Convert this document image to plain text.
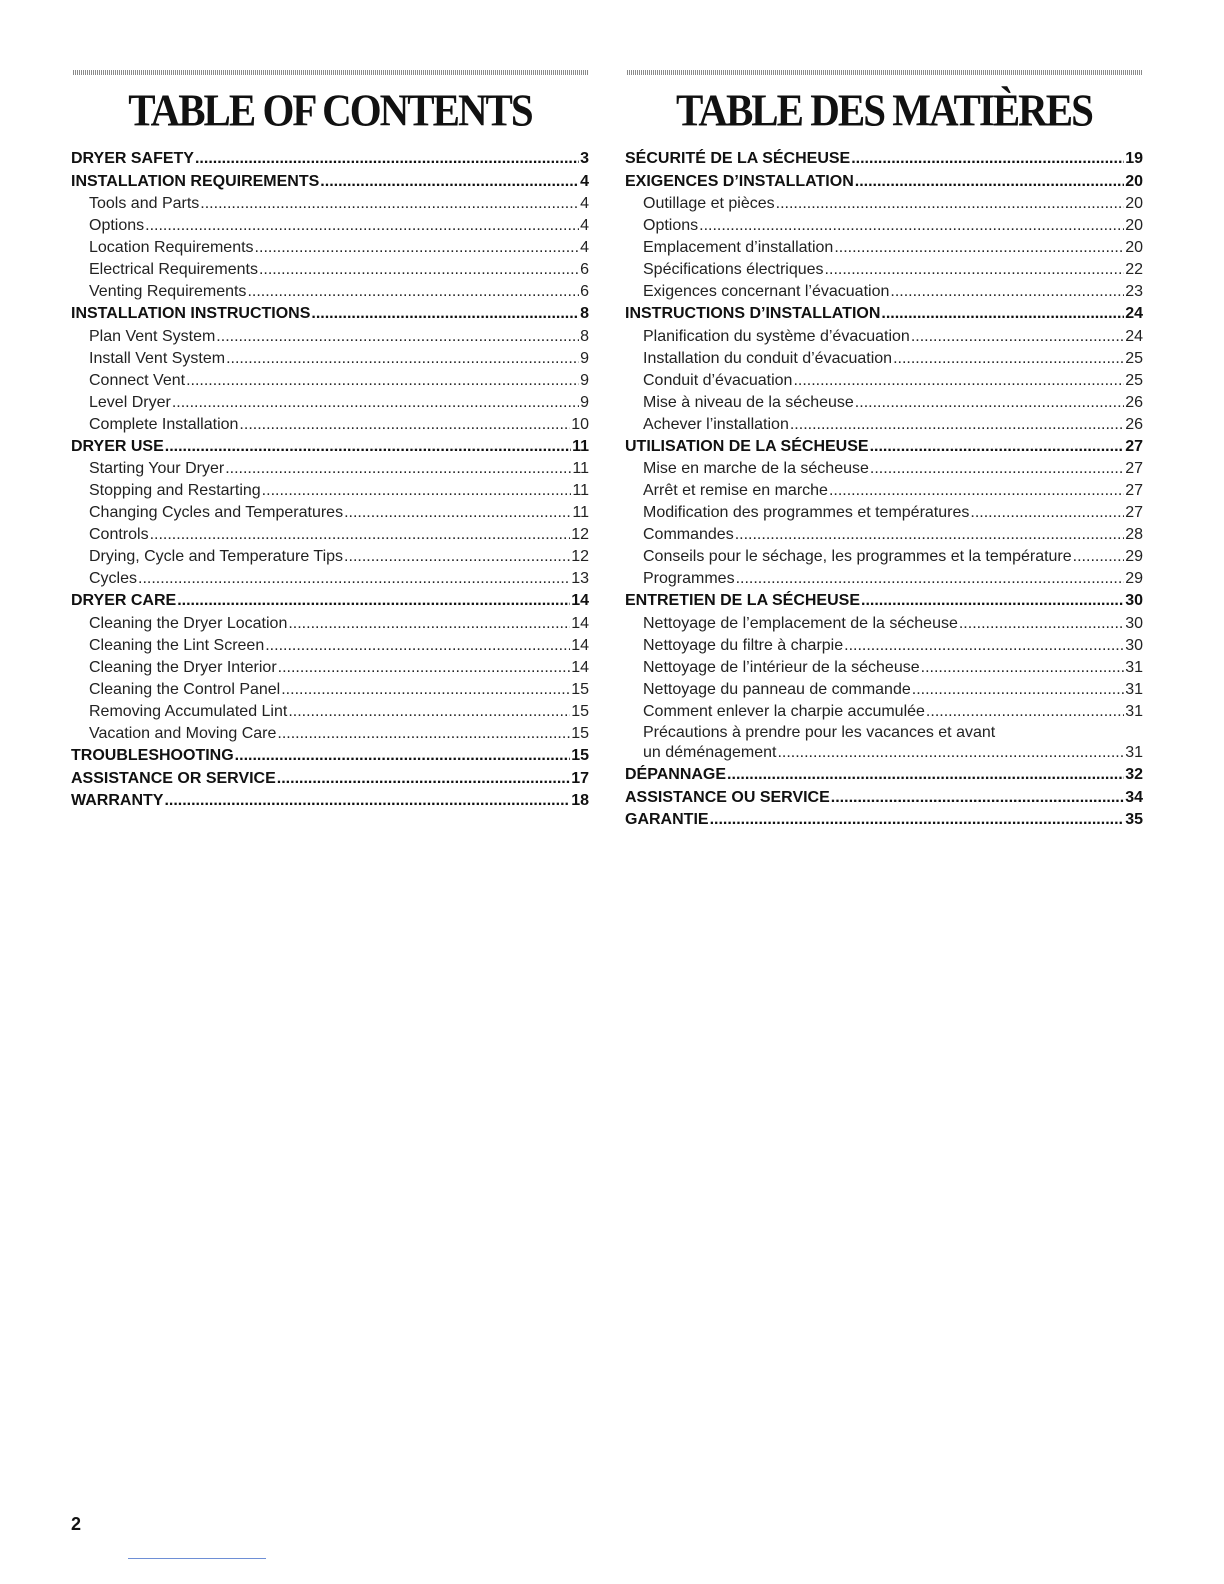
TABLE OF CONTENTS
DRYER SAFETY .....	3
INSTALLATION REQUIREMENTS .....	4
Tools and Parts .....	4
Options .....	4
Location Requirements .....	4
Electrical Requirements .....	6
Venting Requirements .....	6
INSTALLATION INSTRUCTIONS .....	8
Plan Vent System .....	8
Install Vent System .....	9
Connect Vent .....	9
Level Dryer .....	9
Complete Installation .....	10
DRYER USE .....	11
Starting Your Dryer .....	11
Stopping and Restarting .....	11
Changing Cycles and Temperatures .....	11
Controls .....	12
Drying, Cycle and Temperature Tips .....	12
Cycles .....	13
DRYER CARE .....	14
Cleaning the Dryer Location .....	14
Cleaning the Lint Screen .....	14
Cleaning the Dryer Interior .....	14
Cleaning the Control Panel .....	15
Removing Accumulated Lint .....	15
Vacation and Moving Care .....	15
TROUBLESHOOTING .....	15
ASSISTANCE OR SERVICE .....	17
WARRANTY .....	18
TABLE DES MATIÈRES
SÉCURITÉ DE LA SÉCHEUSE .....	19
EXIGENCES D’INSTALLATION .....	20
Outillage et pièces .....	20
Options .....	20
Emplacement d’installation .....	20
Spécifications électriques .....	22
Exigences concernant l’évacuation .....	23
INSTRUCTIONS D’INSTALLATION .....	24
Planification du système d’évacuation .....	24
Installation du conduit d’évacuation .....	25
Conduit d’évacuation .....	25
Mise à niveau de la sécheuse .....	26
Achever l’installation .....	26
UTILISATION DE LA SÉCHEUSE .....	27
Mise en marche de la sécheuse .....	27
Arrêt et remise en marche .....	27
Modification des programmes et températures .....	27
Commandes .....	28
Conseils pour le séchage, les programmes et la température .....	29
Programmes .....	29
ENTRETIEN DE LA SÉCHEUSE .....	30
Nettoyage de l’emplacement de la sécheuse .....	30
Nettoyage du filtre à charpie .....	30
Nettoyage de l’intérieur de la sécheuse .....	31
Nettoyage du panneau de commande .....	31
Comment enlever la charpie accumulée .....	31
Précautions à prendre pour les vacances et avant
un déménagement .....	31
DÉPANNAGE .....	32
ASSISTANCE OU SERVICE .....	34
GARANTIE .....	35
2
